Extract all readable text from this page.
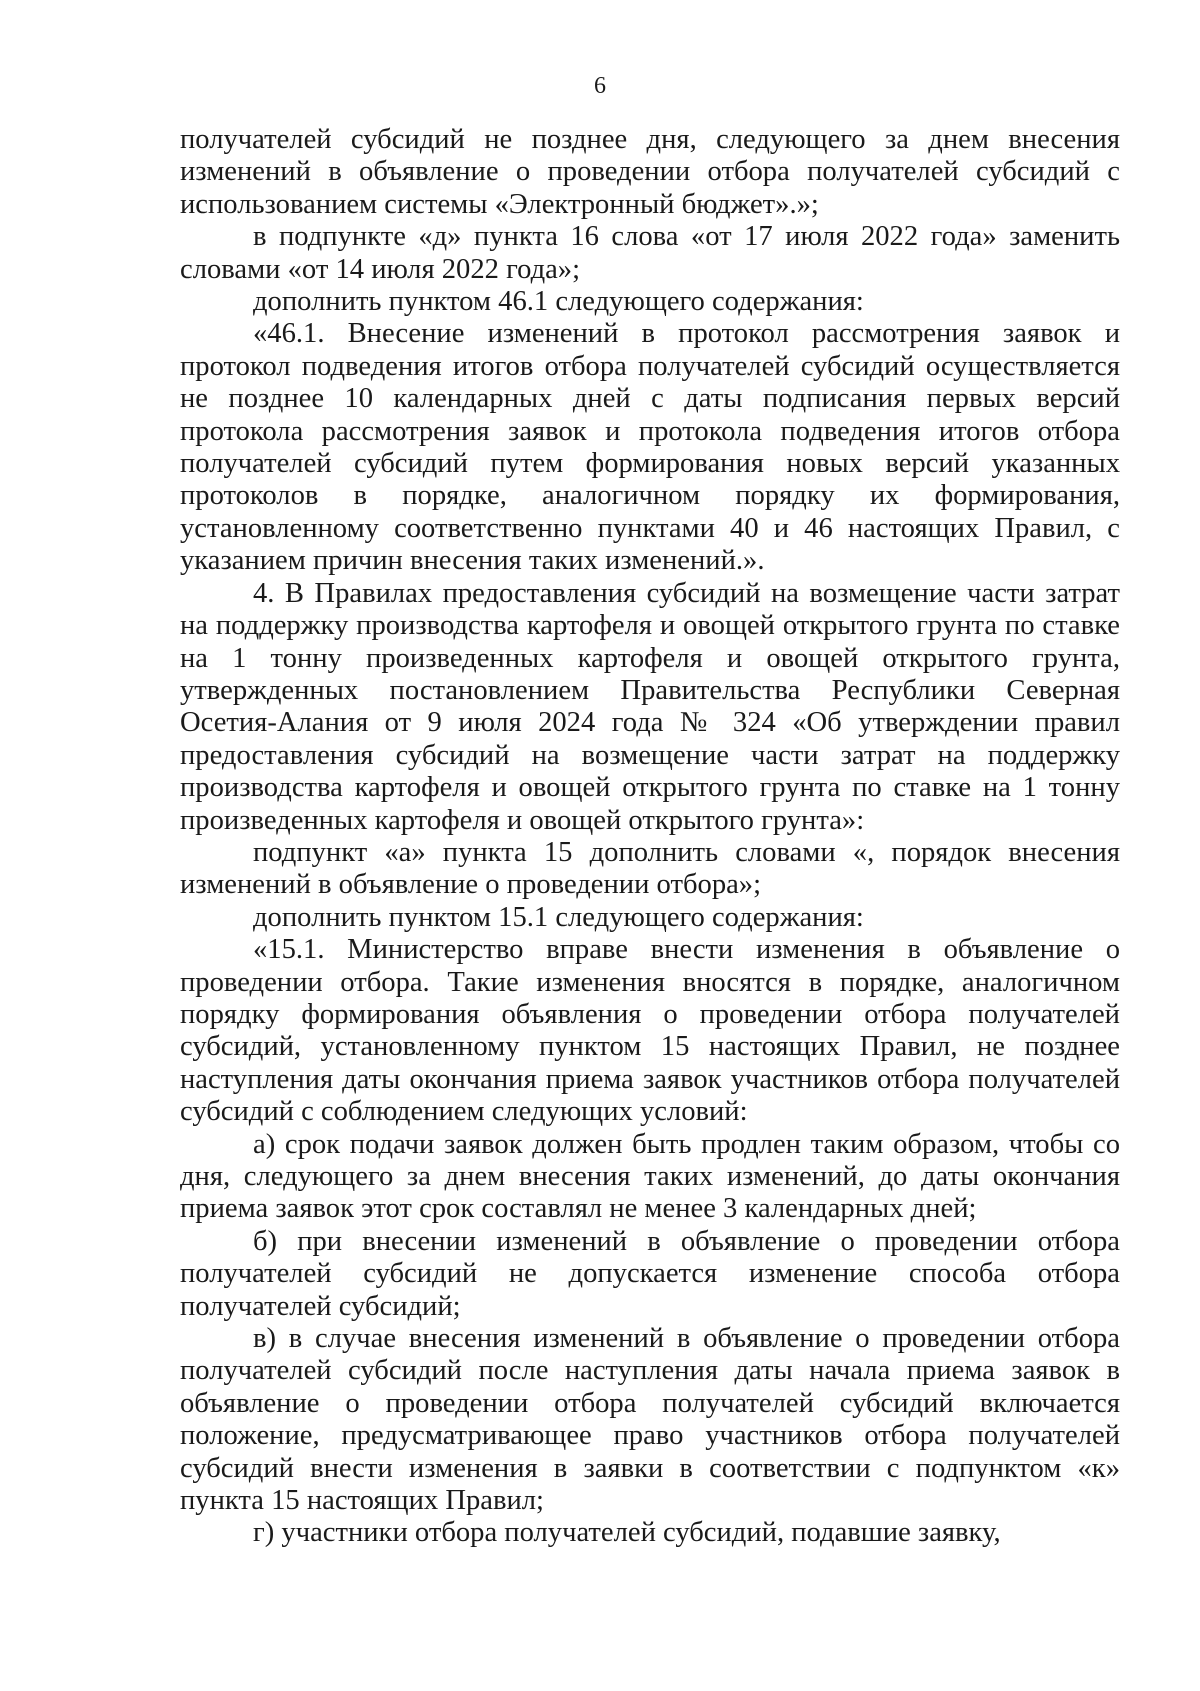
6

получателей субсидий не позднее дня, следующего за днем внесения изменений в объявление о проведении отбора получателей субсидий с использованием системы «Электронный бюджет».»;

в подпункте «д» пункта 16 слова «от 17 июля 2022 года» заменить словами «от 14 июля 2022 года»;

дополнить пунктом 46.1 следующего содержания:

«46.1. Внесение изменений в протокол рассмотрения заявок и протокол подведения итогов отбора получателей субсидий осуществляется не позднее 10 календарных дней с даты подписания первых версий протокола рассмотрения заявок и протокола подведения итогов отбора получателей субсидий путем формирования новых версий указанных протоколов в порядке, аналогичном порядку их формирования, установленному соответственно пунктами 40 и 46 настоящих Правил, с указанием причин внесения таких изменений.».

4. В Правилах предоставления субсидий на возмещение части затрат на поддержку производства картофеля и овощей открытого грунта по ставке на 1 тонну произведенных картофеля и овощей открытого грунта, утвержденных постановлением Правительства Республики Северная Осетия-Алания от 9 июля 2024 года № 324 «Об утверждении правил предоставления субсидий на возмещение части затрат на поддержку производства картофеля и овощей открытого грунта по ставке на 1 тонну произведенных картофеля и овощей открытого грунта»:

подпункт «а» пункта 15 дополнить словами «, порядок внесения изменений в объявление о проведении отбора»;

дополнить пунктом 15.1 следующего содержания:

«15.1. Министерство вправе внести изменения в объявление о проведении отбора. Такие изменения вносятся в порядке, аналогичном порядку формирования объявления о проведении отбора получателей субсидий, установленному пунктом 15 настоящих Правил, не позднее наступления даты окончания приема заявок участников отбора получателей субсидий с соблюдением следующих условий:

а) срок подачи заявок должен быть продлен таким образом, чтобы со дня, следующего за днем внесения таких изменений, до даты окончания приема заявок этот срок составлял не менее 3 календарных дней;

б) при внесении изменений в объявление о проведении отбора получателей субсидий не допускается изменение способа отбора получателей субсидий;

в) в случае внесения изменений в объявление о проведении отбора получателей субсидий после наступления даты начала приема заявок в объявление о проведении отбора получателей субсидий включается положение, предусматривающее право участников отбора получателей субсидий внести изменения в заявки в соответствии с подпунктом «к» пункта 15 настоящих Правил;

г) участники отбора получателей субсидий, подавшие заявку,
